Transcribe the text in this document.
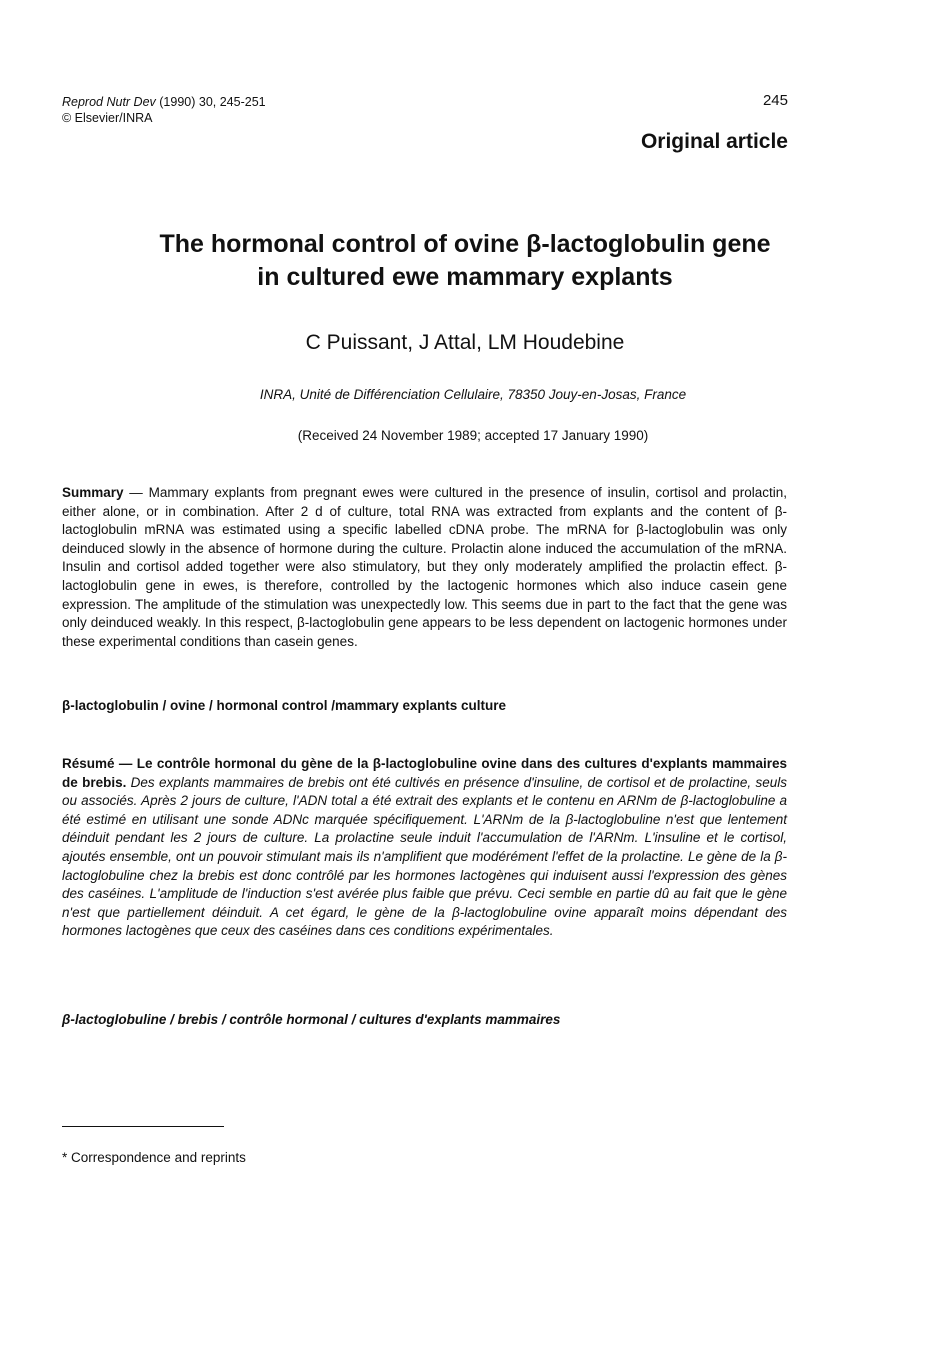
Reprod Nutr Dev (1990) 30, 245-251
© Elsevier/INRA
245
Original article
The hormonal control of ovine β-lactoglobulin gene
in cultured ewe mammary explants
C Puissant, J Attal, LM Houdebine
INRA, Unité de Différenciation Cellulaire, 78350 Jouy-en-Josas, France
(Received 24 November 1989; accepted 17 January 1990)
Summary — Mammary explants from pregnant ewes were cultured in the presence of insulin, cortisol and prolactin, either alone, or in combination. After 2 d of culture, total RNA was extracted from explants and the content of β-lactoglobulin mRNA was estimated using a specific labelled cDNA probe. The mRNA for β-lactoglobulin was only deinduced slowly in the absence of hormone during the culture. Prolactin alone induced the accumulation of the mRNA. Insulin and cortisol added together were also stimulatory, but they only moderately amplified the prolactin effect. β-lactoglobulin gene in ewes, is therefore, controlled by the lactogenic hormones which also induce casein gene expression. The amplitude of the stimulation was unexpectedly low. This seems due in part to the fact that the gene was only deinduced weakly. In this respect, β-lactoglobulin gene appears to be less dependent on lactogenic hormones under these experimental conditions than casein genes.
β-lactoglobulin / ovine / hormonal control /mammary explants culture
Résumé — Le contrôle hormonal du gène de la β-lactoglobuline ovine dans des cultures d'explants mammaires de brebis. Des explants mammaires de brebis ont été cultivés en présence d'insuline, de cortisol et de prolactine, seuls ou associés. Après 2 jours de culture, l'ADN total a été extrait des explants et le contenu en ARNm de β-lactoglobuline a été estimé en utilisant une sonde ADNc marquée spécifiquement. L'ARNm de la β-lactoglobuline n'est que lentement déinduit pendant les 2 jours de culture. La prolactine seule induit l'accumulation de l'ARNm. L'insuline et le cortisol, ajoutés ensemble, ont un pouvoir stimulant mais ils n'amplifient que modérément l'effet de la prolactine. Le gène de la β-lactoglobuline chez la brebis est donc contrôlé par les hormones lactogènes qui induisent aussi l'expression des gènes des caséines. L'amplitude de l'induction s'est avérée plus faible que prévu. Ceci semble en partie dû au fait que le gène n'est que partiellement déinduit. A cet égard, le gène de la β-lactoglobuline ovine apparaît moins dépendant des hormones lactogènes que ceux des caséines dans ces conditions expérimentales.
β-lactoglobuline / brebis / contrôle hormonal / cultures d'explants mammaires
* Correspondence and reprints
